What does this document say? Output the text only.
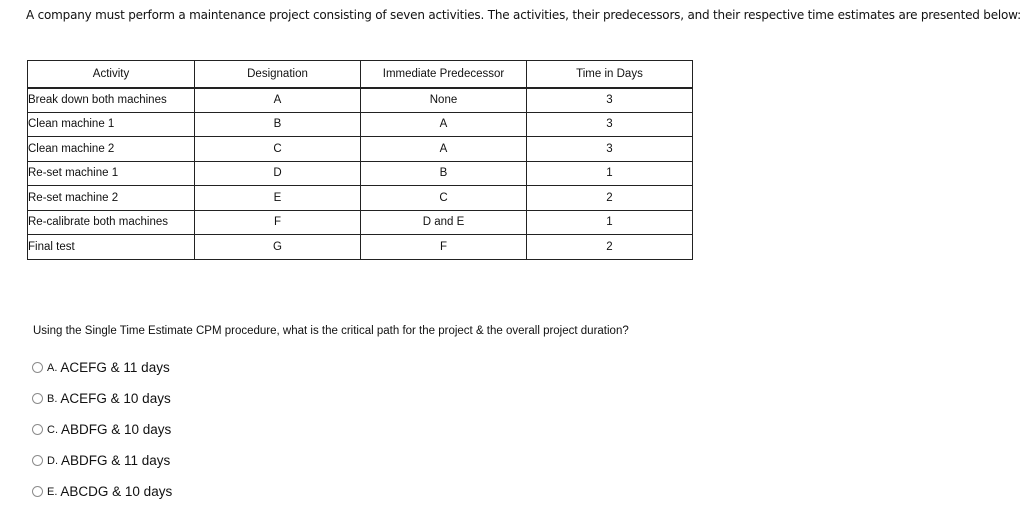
A company must perform a maintenance project consisting of seven activities. The activities, their predecessors, and their respective time estimates are presented below:
Activity	Designation	Immediate Predecessor	Time in Days
Break down both machines	A	None	3
Clean machine 1	B	A	3
Clean machine 2	C	A	3
Re-set machine 1	D	B	1
Re-set machine 2	E	C	2
Re-calibrate both machines	F	D and E	1
Final test	G	F	2
Using the Single Time Estimate CPM procedure, what is the critical path for the project & the overall project duration?
A. ACEFG & 11 days
B. ACEFG & 10 days
C. ABDFG & 10 days
D. ABDFG & 11 days
E. ABCDG & 10 days
